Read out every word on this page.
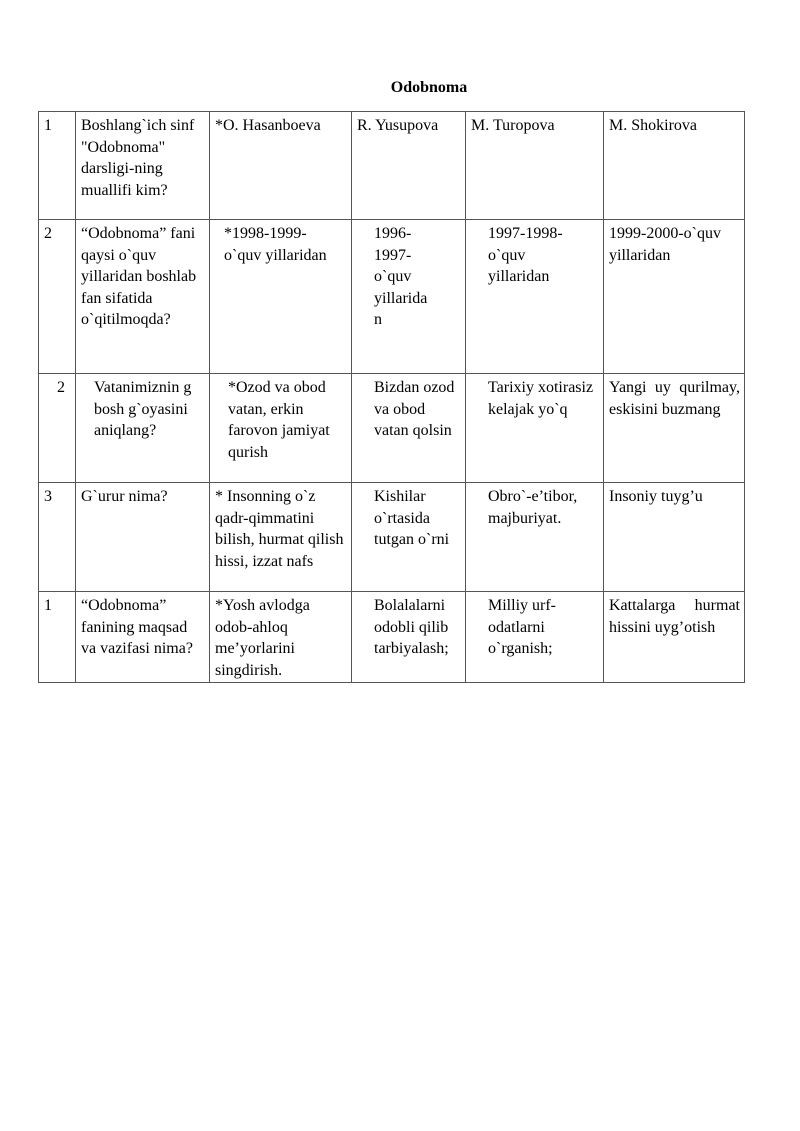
Odobnoma
1	Boshlang`ich sinf "Odobnoma" darsligi-ning muallifi kim?	*O. Hasanboeva	R. Yusupova	M. Turopova	M. Shokirova
2	“Odobnoma” fani qaysi o`quv yillaridan boshlab fan sifatida o`qitilmoqda?	*1998-1999-o`quv yillaridan	1996-1997-o`quv yillaridan	1997-1998-o`quv yillaridan	1999-2000-o`quv yillaridan
2	Vatanimiznin g bosh g`oyasini aniqlang?	*Ozod va obod vatan, erkin farovon jamiyat qurish	Bizdan ozod va obod vatan qolsin	Tarixiy xotirasiz kelajak yo`q	Yangi uy qurilmay, eskisini buzmang
3	G`urur nima?	* Insonning o`z qadr-qimmatini bilish, hurmat qilish hissi, izzat nafs	Kishilar o`rtasida tutgan o`rni	Obro`-e’tibor, majburiyat.	Insoniy tuyg’u
1	“Odobnoma” fanining maqsad va vazifasi nima?	*Yosh avlodga odob-ahloq me’yorlarini singdirish.	Bolalalarni odobli qilib tarbiyalash;	Milliy urf-odatlarni o`rganish;	Kattalarga hurmat hissini uyg’otish
